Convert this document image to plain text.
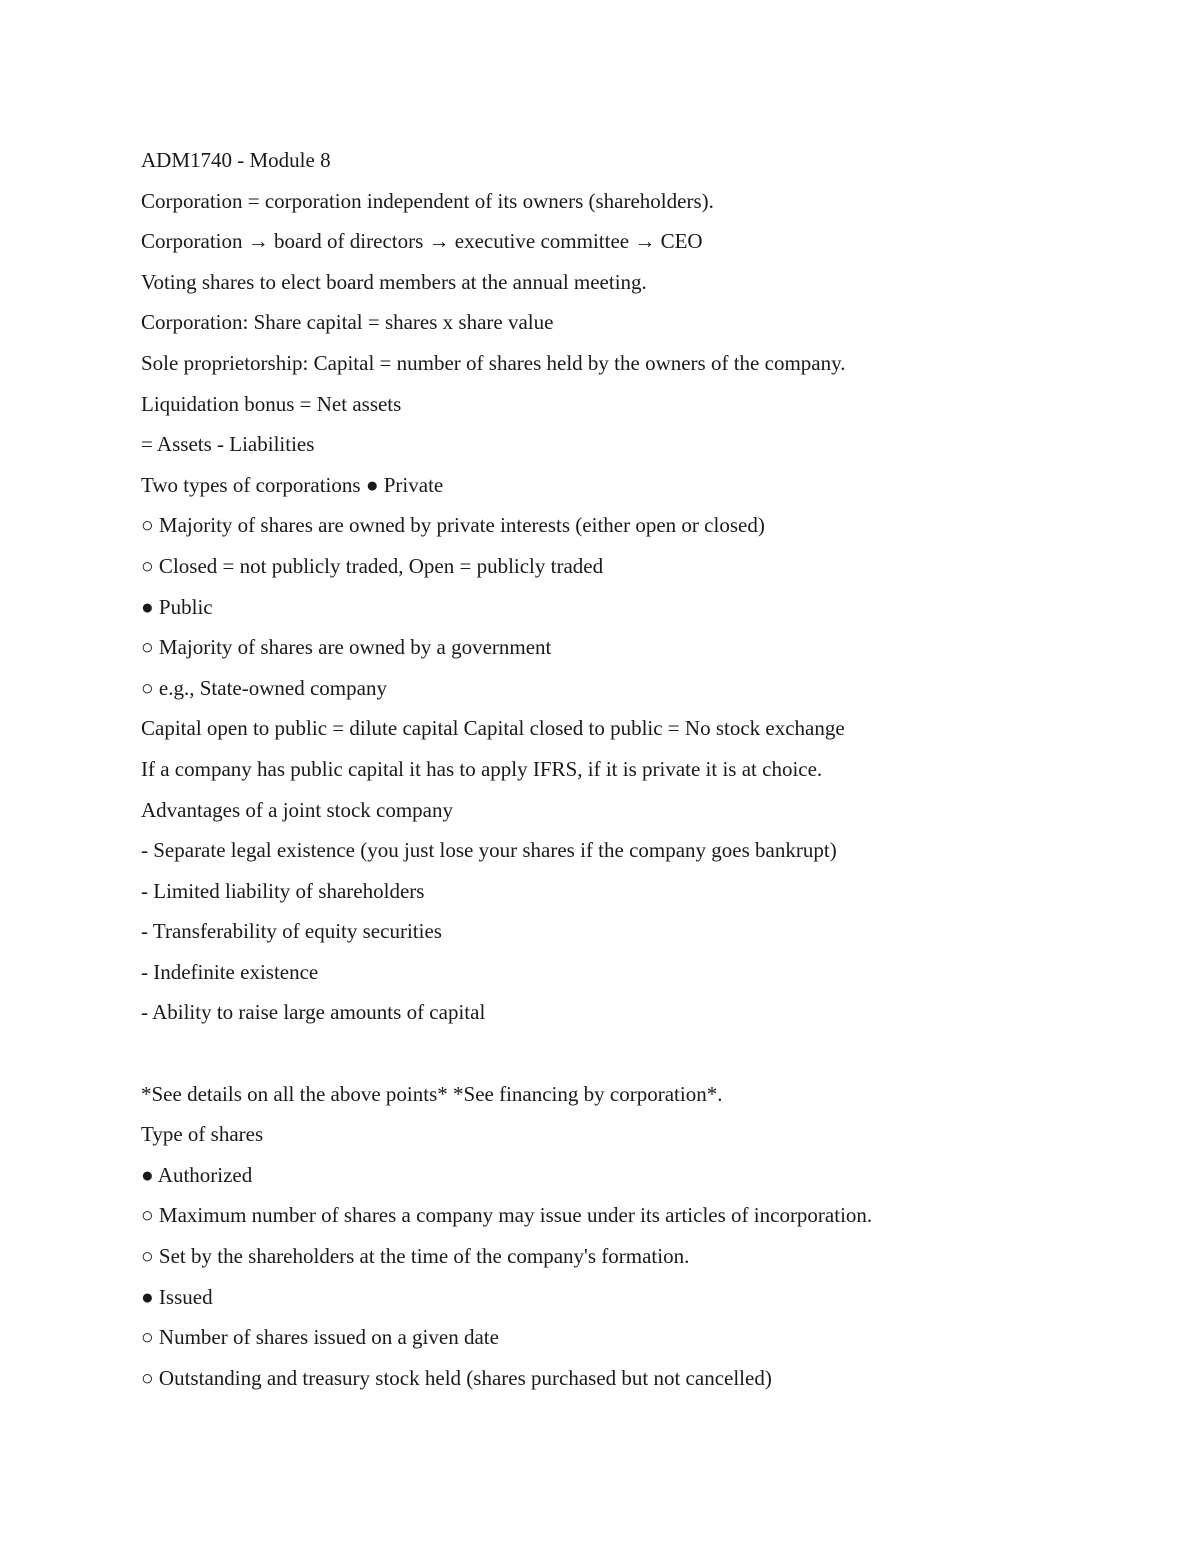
ADM1740 - Module 8
Corporation = corporation independent of its owners (shareholders).
Corporation → board of directors → executive committee → CEO
Voting shares to elect board members at the annual meeting.
Corporation: Share capital = shares x share value
Sole proprietorship: Capital = number of shares held by the owners of the company.
Liquidation bonus = Net assets
= Assets - Liabilities
Two types of corporations ● Private
○ Majority of shares are owned by private interests (either open or closed)
○ Closed = not publicly traded, Open = publicly traded
● Public
○ Majority of shares are owned by a government
○ e.g., State-owned company
Capital open to public = dilute capital Capital closed to public = No stock exchange
If a company has public capital it has to apply IFRS, if it is private it is at choice.
Advantages of a joint stock company
- Separate legal existence (you just lose your shares if the company goes bankrupt)
- Limited liability of shareholders
- Transferability of equity securities
- Indefinite existence
- Ability to raise large amounts of capital
*See details on all the above points* *See financing by corporation*.
Type of shares
● Authorized
○ Maximum number of shares a company may issue under its articles of incorporation.
○ Set by the shareholders at the time of the company's formation.
● Issued
○ Number of shares issued on a given date
○ Outstanding and treasury stock held (shares purchased but not cancelled)
